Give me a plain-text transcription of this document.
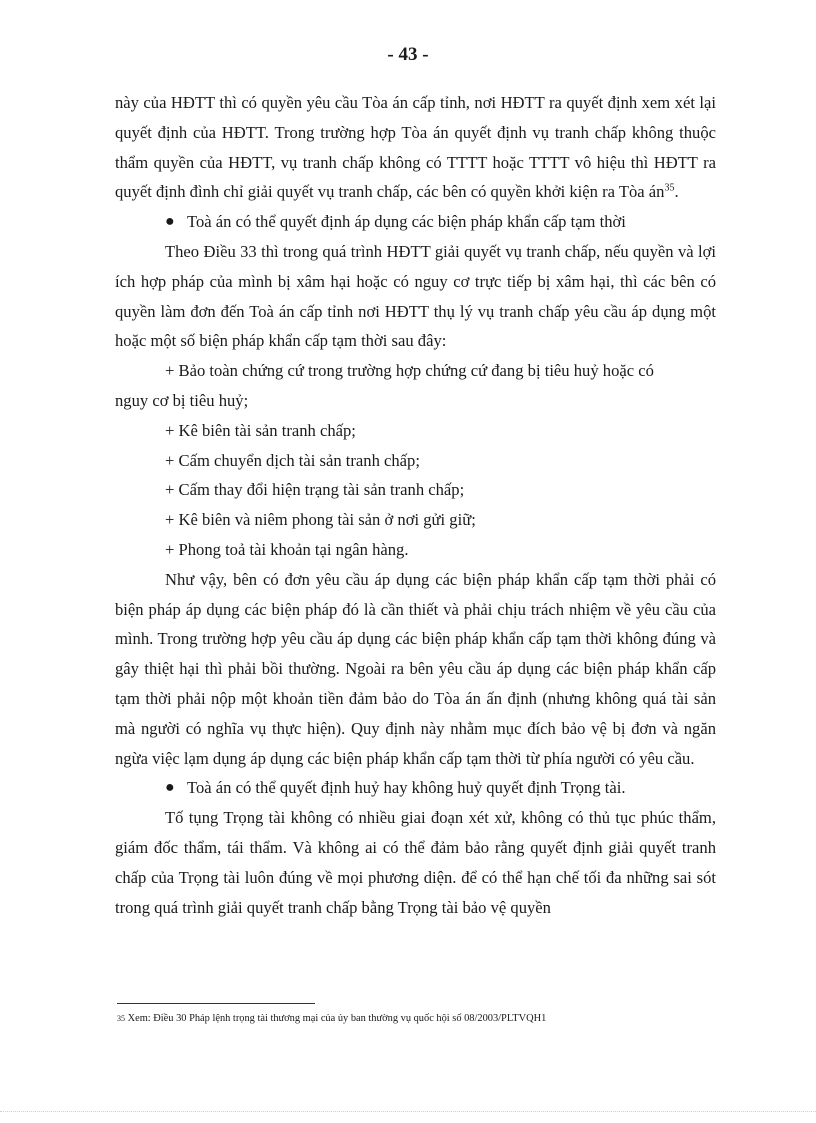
- 43 -

này của HĐTT thì có quyền yêu cầu Tòa án cấp tỉnh, nơi HĐTT ra quyết định xem xét lại quyết định của HĐTT. Trong trường hợp Tòa án quyết định vụ tranh chấp không thuộc thẩm quyền của HĐTT, vụ tranh chấp không có TTTT hoặc TTTT vô hiệu thì HĐTT ra quyết định đình chỉ giải quyết vụ tranh chấp, các bên có quyền khởi kiện ra Tòa $án^{35}$.

● Toà án có thể quyết định áp dụng các biện pháp khẩn cấp tạm thời

Theo Điều 33 thì trong quá trình HĐTT giải quyết vụ tranh chấp, nếu quyền và lợi ích hợp pháp của mình bị xâm hại hoặc có nguy cơ trực tiếp bị xâm hại, thì các bên có quyền làm đơn đến Toà án cấp tỉnh nơi HĐTT thụ lý vụ tranh chấp yêu cầu áp dụng một hoặc một số biện pháp khẩn cấp tạm thời sau đây:

+ Bảo toàn chứng cứ trong trường hợp chứng cứ đang bị tiêu huỷ hoặc có

nguy cơ bị tiêu huỷ;

+ Kê biên tài sản tranh chấp;

+ Cấm chuyển dịch tài sản tranh chấp;

+ Cấm thay đổi hiện trạng tài sản tranh chấp;

+ Kê biên và niêm phong tài sản ở nơi gửi giữ;

+ Phong toả tài khoản tại ngân hàng.

Như vậy, bên có đơn yêu cầu áp dụng các biện pháp khẩn cấp tạm thời phải có biện pháp áp dụng các biện pháp đó là cần thiết và phải chịu trách nhiệm về yêu cầu của mình. Trong trường hợp yêu cầu áp dụng các biện pháp khẩn cấp tạm thời không đúng và gây thiệt hại thì phải bồi thường. Ngoài ra bên yêu cầu áp dụng các biện pháp khẩn cấp tạm thời phải nộp một khoản tiền đảm bảo do Tòa án ấn định (nhưng không quá tài sản mà người có nghĩa vụ thực hiện). Quy định này nhằm mục đích bảo vệ bị đơn và ngăn ngừa việc lạm dụng áp dụng các biện pháp khẩn cấp tạm thời từ phía người có yêu cầu.

● Toà án có thể quyết định huỷ hay không huỷ quyết định Trọng tài.

Tố tụng Trọng tài không có nhiều giai đoạn xét xử, không có thủ tục phúc thẩm, giám đốc thẩm, tái thẩm. Và không ai có thể đảm bảo rằng quyết định giải quyết tranh chấp của Trọng tài luôn đúng về mọi phương diện. để có thể hạn chế tối đa những sai sót trong quá trình giải quyết tranh chấp bằng Trọng tài bảo vệ quyền

35 Xem: Điều 30 Pháp lệnh trọng tài thương mại của ủy ban thường vụ quốc hội số 08/2003/PLTVQH1
